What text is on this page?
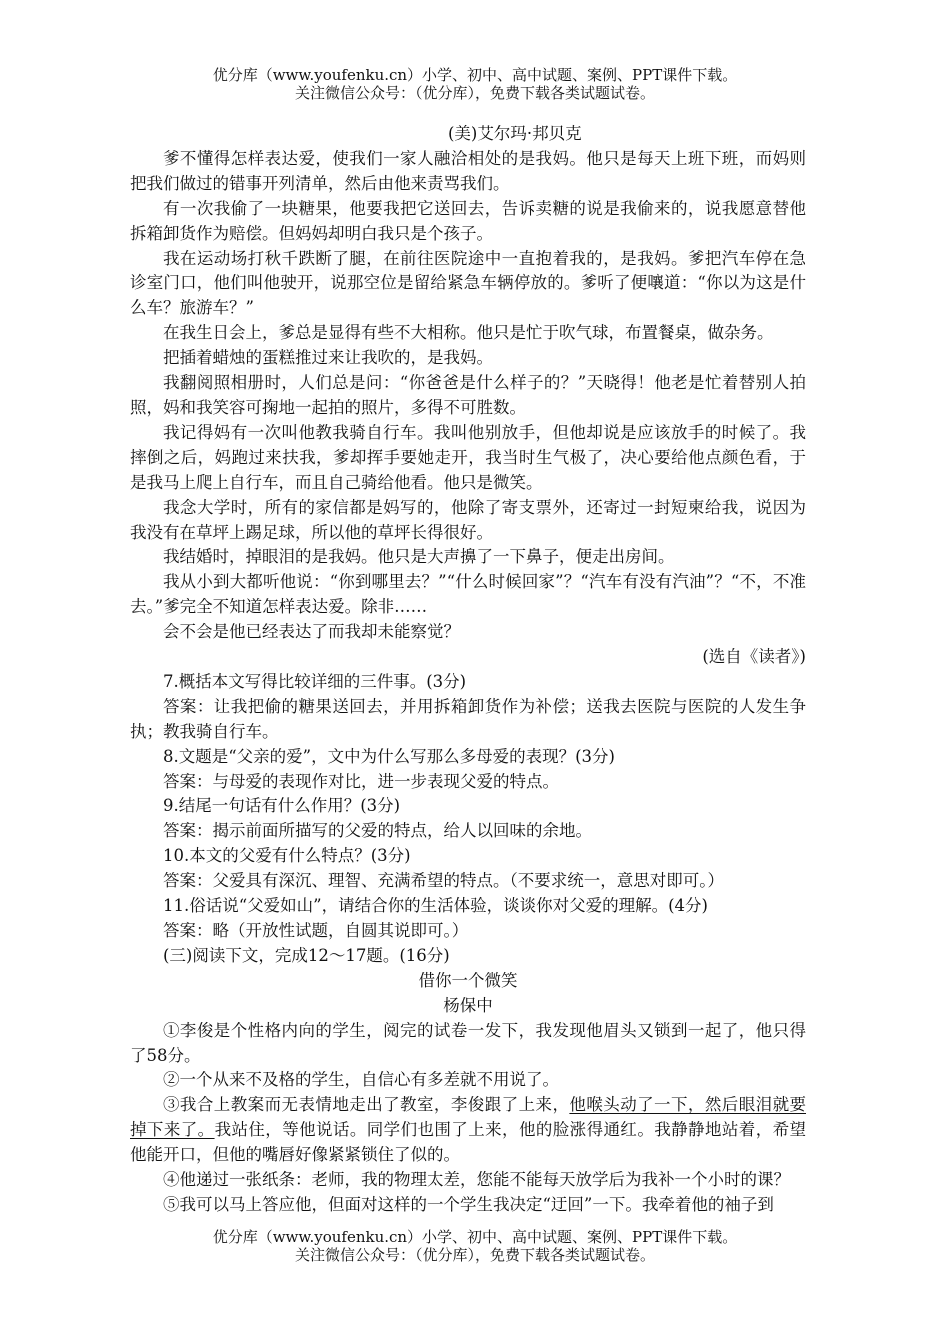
优分库（www.youfenku.cn）小学、初中、高中试题、案例、PPT课件下载。
关注微信公众号：（优分库），免费下载各类试题试卷。

(美)艾尔玛·邦贝克

爹不懂得怎样表达爱，使我们一家人融洽相处的是我妈。他只是每天上班下班，而妈则把我们做过的错事开列清单，然后由他来责骂我们。

有一次我偷了一块糖果，他要我把它送回去，告诉卖糖的说是我偷来的，说我愿意替他拆箱卸货作为赔偿。但妈妈却明白我只是个孩子。

我在运动场打秋千跌断了腿，在前往医院途中一直抱着我的，是我妈。爹把汽车停在急诊室门口，他们叫他驶开，说那空位是留给紧急车辆停放的。爹听了便嚷道：“你以为这是什么车？旅游车？”

在我生日会上，爹总是显得有些不大相称。他只是忙于吹气球，布置餐桌，做杂务。

把插着蜡烛的蛋糕推过来让我吹的，是我妈。

我翻阅照相册时，人们总是问：“你爸爸是什么样子的？”天晓得！他老是忙着替别人拍照，妈和我笑容可掬地一起拍的照片，多得不可胜数。

我记得妈有一次叫他教我骑自行车。我叫他别放手，但他却说是应该放手的时候了。我摔倒之后，妈跑过来扶我，爹却挥手要她走开，我当时生气极了，决心要给他点颜色看，于是我马上爬上自行车，而且自己骑给他看。他只是微笑。

我念大学时，所有的家信都是妈写的，他除了寄支票外，还寄过一封短柬给我，说因为我没有在草坪上踢足球，所以他的草坪长得很好。

我结婚时，掉眼泪的是我妈。他只是大声擤了一下鼻子，便走出房间。

我从小到大都听他说：“你到哪里去？”“什么时候回家”？“汽车有没有汽油”？“不，不准去。”爹完全不知道怎样表达爱。除非……

会不会是他已经表达了而我却未能察觉？

(选自《读者》)

7.概括本文写得比较详细的三件事。(3分)

答案：让我把偷的糖果送回去，并用拆箱卸货作为补偿；送我去医院与医院的人发生争执；教我骑自行车。

8.文题是“父亲的爱”，文中为什么写那么多母爱的表现？(3分)

答案：与母爱的表现作对比，进一步表现父爱的特点。

9.结尾一句话有什么作用？(3分)

答案：揭示前面所描写的父爱的特点，给人以回味的余地。

10.本文的父爱有什么特点？(3分)

答案：父爱具有深沉、理智、充满希望的特点。（不要求统一，意思对即可。）

11.俗话说“父爱如山”，请结合你的生活体验，谈谈你对父爱的理解。(4分)

答案：略（开放性试题，自圆其说即可。）

(三)阅读下文，完成12～17题。(16分)

借你一个微笑

杨保中

①李俊是个性格内向的学生，阅完的试卷一发下，我发现他眉头又锁到一起了，他只得了58分。

②一个从来不及格的学生，自信心有多差就不用说了。

③我合上教案而无表情地走出了教室，李俊跟了上来，他喉头动了一下，然后眼泪就要掉下来了。我站住，等他说话。同学们也围了上来，他的脸涨得通红。我静静地站着，希望他能开口，但他的嘴唇好像紧紧锁住了似的。

④他递过一张纸条：老师，我的物理太差，您能不能每天放学后为我补一个小时的课？

⑤我可以马上答应他，但面对这样的一个学生我决定“迂回”一下。我牵着他的袖子到

优分库（www.youfenku.cn）小学、初中、高中试题、案例、PPT课件下载。
关注微信公众号：（优分库），免费下载各类试题试卷。
